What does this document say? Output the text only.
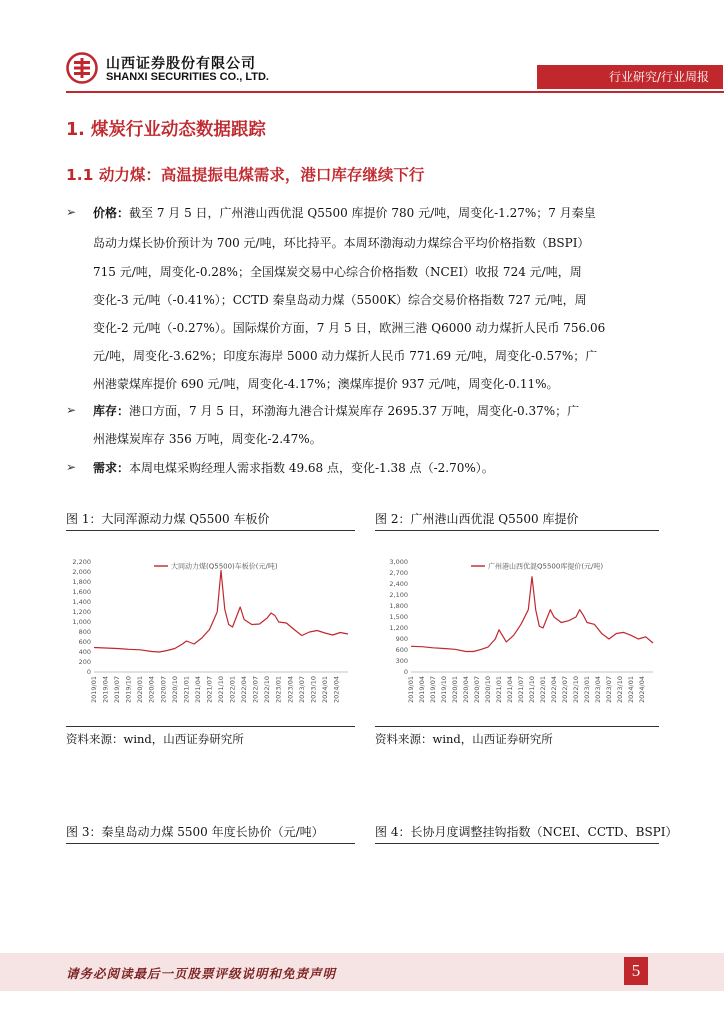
山西证券股份有限公司
SHANXI SECURITIES CO., LTD.	行业研究/行业周报
1. 煤炭行业动态数据跟踪
1.1 动力煤：高温提振电煤需求，港口库存继续下行
➢ 价格：截至 7 月 5 日，广州港山西优混 Q5500 库提价 780 元/吨，周变化-1.27%；7 月秦皇
岛动力煤长协价预计为 700 元/吨，环比持平。本周环渤海动力煤综合平均价格指数（BSPI）
715 元/吨，周变化-0.28%；全国煤炭交易中心综合价格指数（NCEI）收报 724 元/吨，周
变化-3 元/吨（-0.41%）；CCTD 秦皇岛动力煤（5500K）综合交易价格指数 727 元/吨，周
变化-2 元/吨（-0.27%）。国际煤价方面，7 月 5 日，欧洲三港 Q6000 动力煤折人民币 756.06
元/吨，周变化-3.62%；印度东海岸 5000 动力煤折人民币 771.69 元/吨，周变化-0.57%；广
州港蒙煤库提价 690 元/吨，周变化-4.17%；澳煤库提价 937 元/吨，周变化-0.11%。
➢ 库存：港口方面，7 月 5 日，环渤海九港合计煤炭库存 2695.37 万吨，周变化-0.37%；广
州港煤炭库存 356 万吨，周变化-2.47%。
➢ 需求：本周电煤采购经理人需求指数 49.68 点，变化-1.38 点（-2.70%）。
图 1：大同浑源动力煤 Q5500 车板价
0
200
400
600
800
1,000
1,200
1,400
1,600
1,800
2,000
2,200
2019/01 2019/04 2019/07 2019/10 2020/01 2020/04 2020/07 2020/10 2021/01 2021/04 2021/07 2021/10 2022/01 2022/04 2022/07 2022/10 2023/01 2023/04 2023/07 2023/10 2024/01 2024/04
大同动力煤(Q5500)车板价(元/吨)
资料来源：wind，山西证券研究所
图 2：广州港山西优混 Q5500 库提价
0
300
600
900
1,200
1,500
1,800
2,100
2,400
2,700
3,000
2019/01 2019/04 2019/07 2019/10 2020/01 2020/04 2020/07 2020/10 2021/01 2021/04 2021/07 2021/10 2022/01 2022/04 2022/07 2022/10 2023/01 2023/04 2023/07 2023/10 2024/01 2024/04
广州港山西优混Q5500库提价(元/吨)
资料来源：wind，山西证券研究所
图 3：秦皇岛动力煤 5500 年度长协价（元/吨）	图 4：长协月度调整挂钩指数（NCEI、CCTD、BSPI）
请务必阅读最后一页股票评级说明和免责声明	5
